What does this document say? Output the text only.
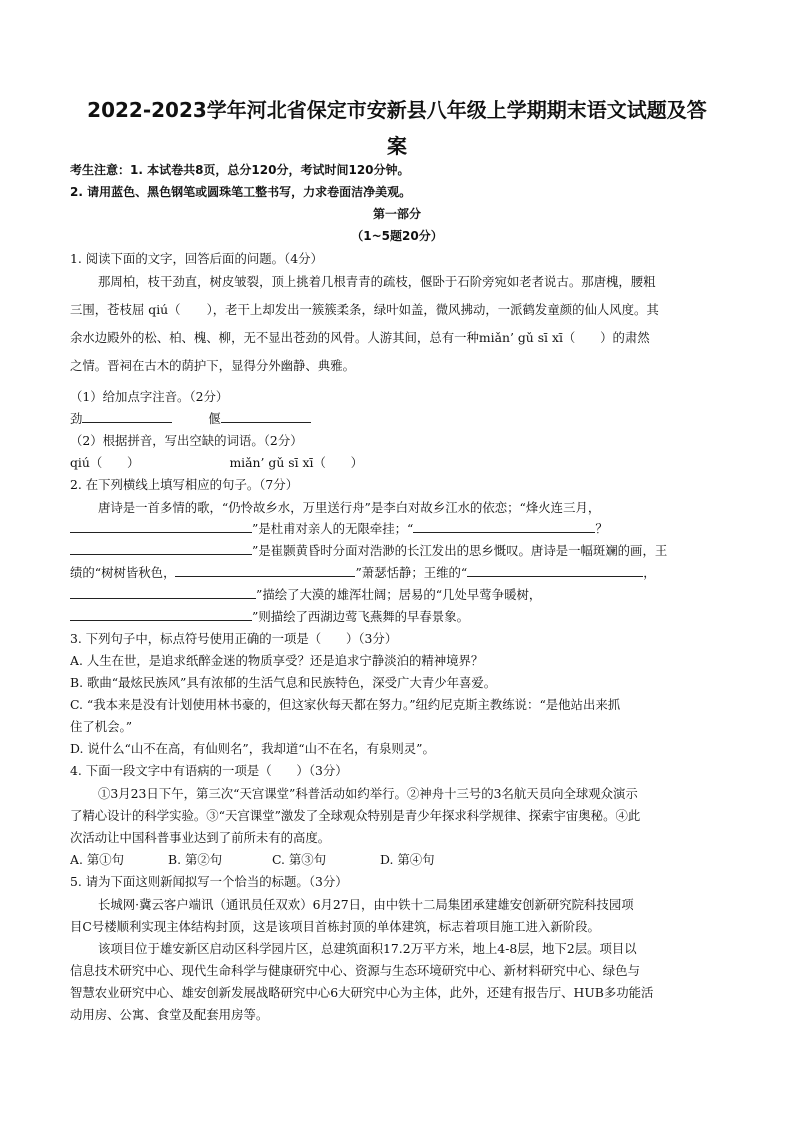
2022-2023学年河北省保定市安新县八年级上学期期末语文试题及答
案
考生注意：1. 本试卷共8页，总分120分，考试时间120分钟。
2. 请用蓝色、黑色钢笔或圆珠笔工整书写，力求卷面洁净美观。
第一部分
（1~5题20分）
1. 阅读下面的文字，回答后面的问题。（4分）
那周柏，枝干劲直，树皮皱裂，顶上挑着几根青青的疏枝，偃卧于石阶旁宛如老者说古。那唐槐，腰粗
三围，苍枝屈 qiú（ ），老干上却发出一簇簇柔条，绿叶如盖，微风拂动，一派鹤发童颜的仙人风度。其
余水边殿外的松、柏、槐、柳，无不显出苍劲的风骨。人游其间，总有一种miǎn’ gǔ sī xī（　　）的肃然
之情。晋祠在古木的荫护下，显得分外幽静、典雅。
（1）给加点字注音。（2分）
劲	偃
（2）根据拼音，写出空缺的词语。（2分）
qiú（　　）	miǎn’ gǔ sī xī（　　）
2. 在下列横线上填写相应的句子。（7分）
唐诗是一首多情的歌，“仍怜故乡水，万里送行舟”是李白对故乡江水的依恋；“烽火连三月，
”是杜甫对亲人的无限牵挂；“	？
”是崔颢黄昏时分面对浩渺的长江发出的思乡慨叹。唐诗是一幅斑斓的画，王
绩的“树树皆秋色，	”萧瑟恬静；王维的“	，
”描绘了大漠的雄浑壮阔；居易的“几处早莺争暖树，
”则描绘了西湖边莺飞燕舞的早春景象。
3. 下列句子中，标点符号使用正确的一项是（　　）（3分）
A. 人生在世，是追求纸醉金迷的物质享受？还是追求宁静淡泊的精神境界？
B. 歌曲“最炫民族风”具有浓郁的生活气息和民族特色，深受广大青少年喜爱。
C. “我本来是没有计划使用林书豪的，但这家伙每天都在努力。”纽约尼克斯主教练说：“是他站出来抓
住了机会。”
D. 说什么“山不在高，有仙则名”，我却道“山不在名，有泉则灵”。
4. 下面一段文字中有语病的一项是（　　）（3分）
①3月23日下午，第三次“天宫课堂”科普活动如约举行。②神舟十三号的3名航天员向全球观众演示
了精心设计的科学实验。③“天宫课堂”激发了全球观众特别是青少年探求科学规律、探索宇宙奥秘。④此
次活动让中国科普事业达到了前所未有的高度。
A. 第①句	B. 第②句	C. 第③句	D. 第④句
5. 请为下面这则新闻拟写一个恰当的标题。（3分）
长城网·冀云客户端讯（通讯员任双欢）6月27日，由中铁十二局集团承建雄安创新研究院科技园项
目C号楼顺利实现主体结构封顶，这是该项目首栋封顶的单体建筑，标志着项目施工进入新阶段。
该项目位于雄安新区启动区科学园片区，总建筑面积17.2万平方米，地上4-8层，地下2层。项目以
信息技术研究中心、现代生命科学与健康研究中心、资源与生态环境研究中心、新材料研究中心、绿色与
智慧农业研究中心、雄安创新发展战略研究中心6大研究中心为主体，此外，还建有报告厅、HUB多功能活
动用房、公寓、食堂及配套用房等。
